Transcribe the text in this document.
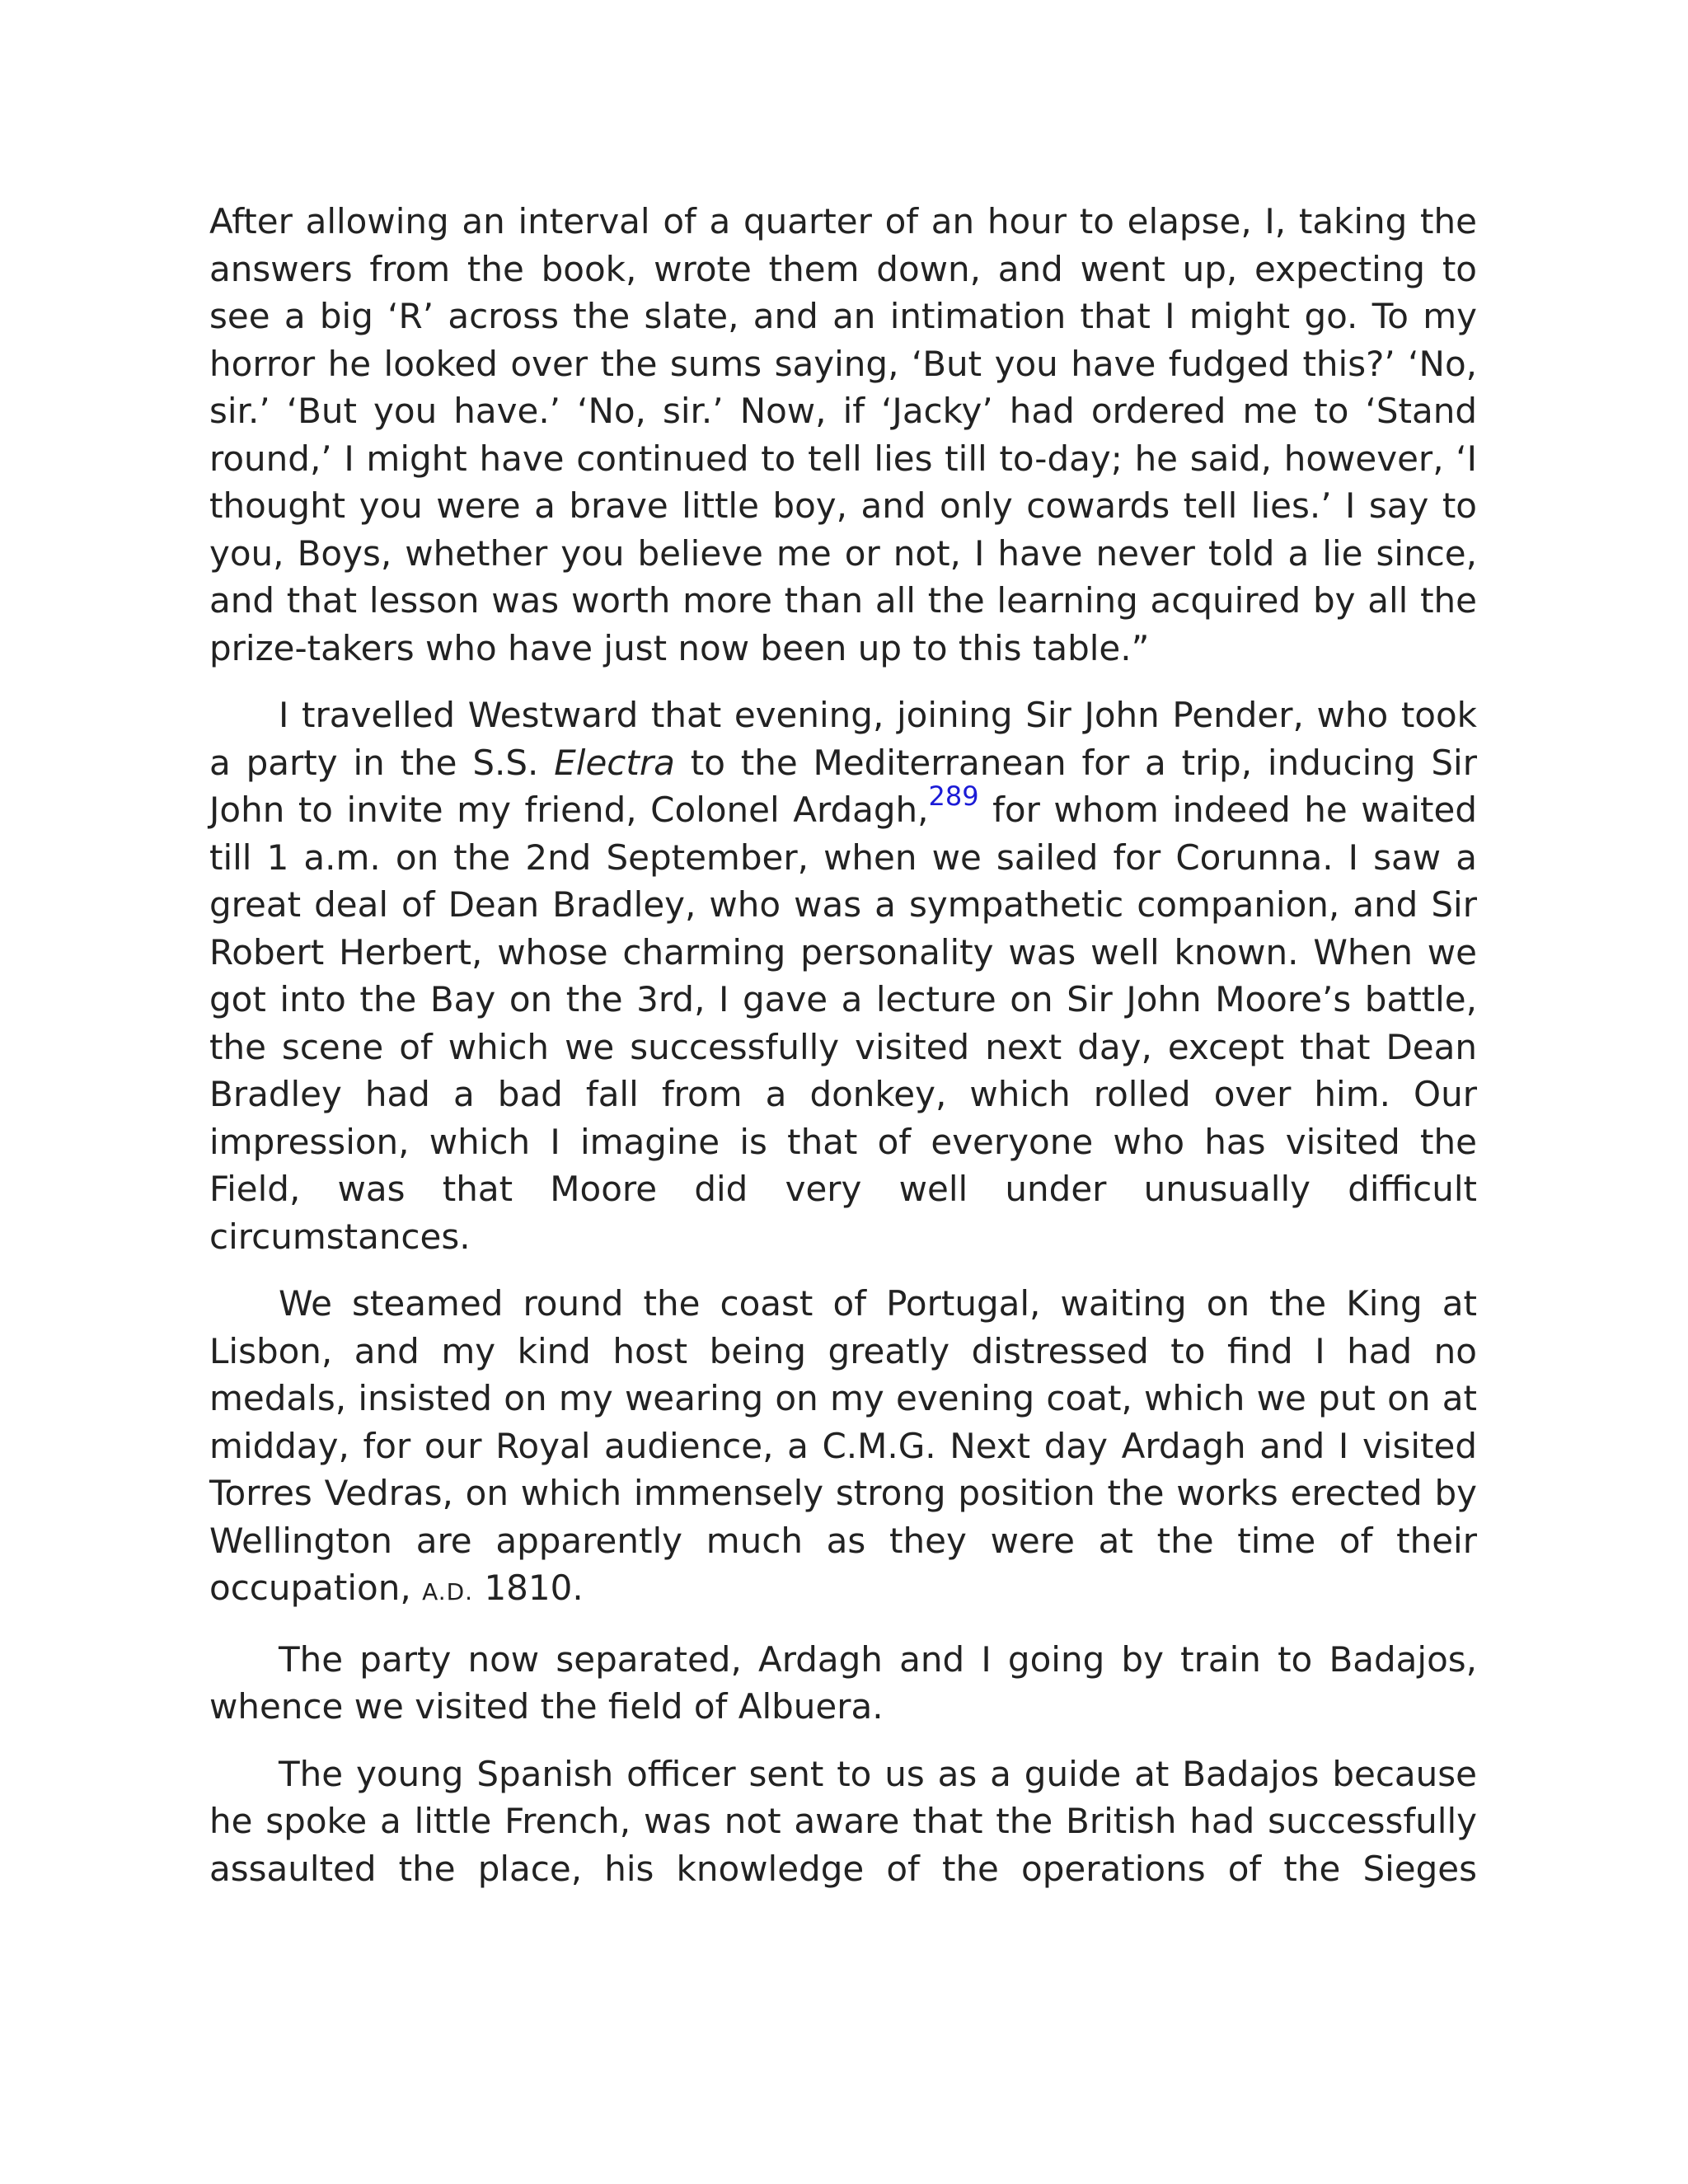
After allowing an interval of a quarter of an hour to elapse, I, taking the answers from the book, wrote them down, and went up, expecting to see a big ‘R’ across the slate, and an intimation that I might go. To my horror he looked over the sums saying, ‘But you have fudged this?’ ‘No, sir.’ ‘But you have.’ ‘No, sir.’ Now, if ‘Jacky’ had ordered me to ‘Stand round,’ I might have continued to tell lies till to-day; he said, however, ‘I thought you were a brave little boy, and only cowards tell lies.’ I say to you, Boys, whether you believe me or not, I have never told a lie since, and that lesson was worth more than all the learning acquired by all the prize-takers who have just now been up to this table.”

I travelled Westward that evening, joining Sir John Pender, who took a party in the S.S. Electra to the Mediterranean for a trip, inducing Sir John to invite my friend, Colonel Ardagh,$^{289}$ for whom indeed he waited till 1 a.m. on the 2nd September, when we sailed for Corunna. I saw a great deal of Dean Bradley, who was a sympathetic companion, and Sir Robert Herbert, whose charming personality was well known. When we got into the Bay on the 3rd, I gave a lecture on Sir John Moore’s battle, the scene of which we successfully visited next day, except that Dean Bradley had a bad fall from a donkey, which rolled over him. Our impression, which I imagine is that of everyone who has visited the Field, was that Moore did very well under unusually difficult circumstances.

We steamed round the coast of Portugal, waiting on the King at Lisbon, and my kind host being greatly distressed to find I had no medals, insisted on my wearing on my evening coat, which we put on at midday, for our Royal audience, a C.M.G. Next day Ardagh and I visited Torres Vedras, on which immensely strong position the works erected by Wellington are apparently much as they were at the time of their occupation, A.D. 1810.

The party now separated, Ardagh and I going by train to Badajos, whence we visited the field of Albuera.

The young Spanish officer sent to us as a guide at Badajos because he spoke a little French, was not aware that the British had successfully assaulted the place, his knowledge of the operations of the Sieges
